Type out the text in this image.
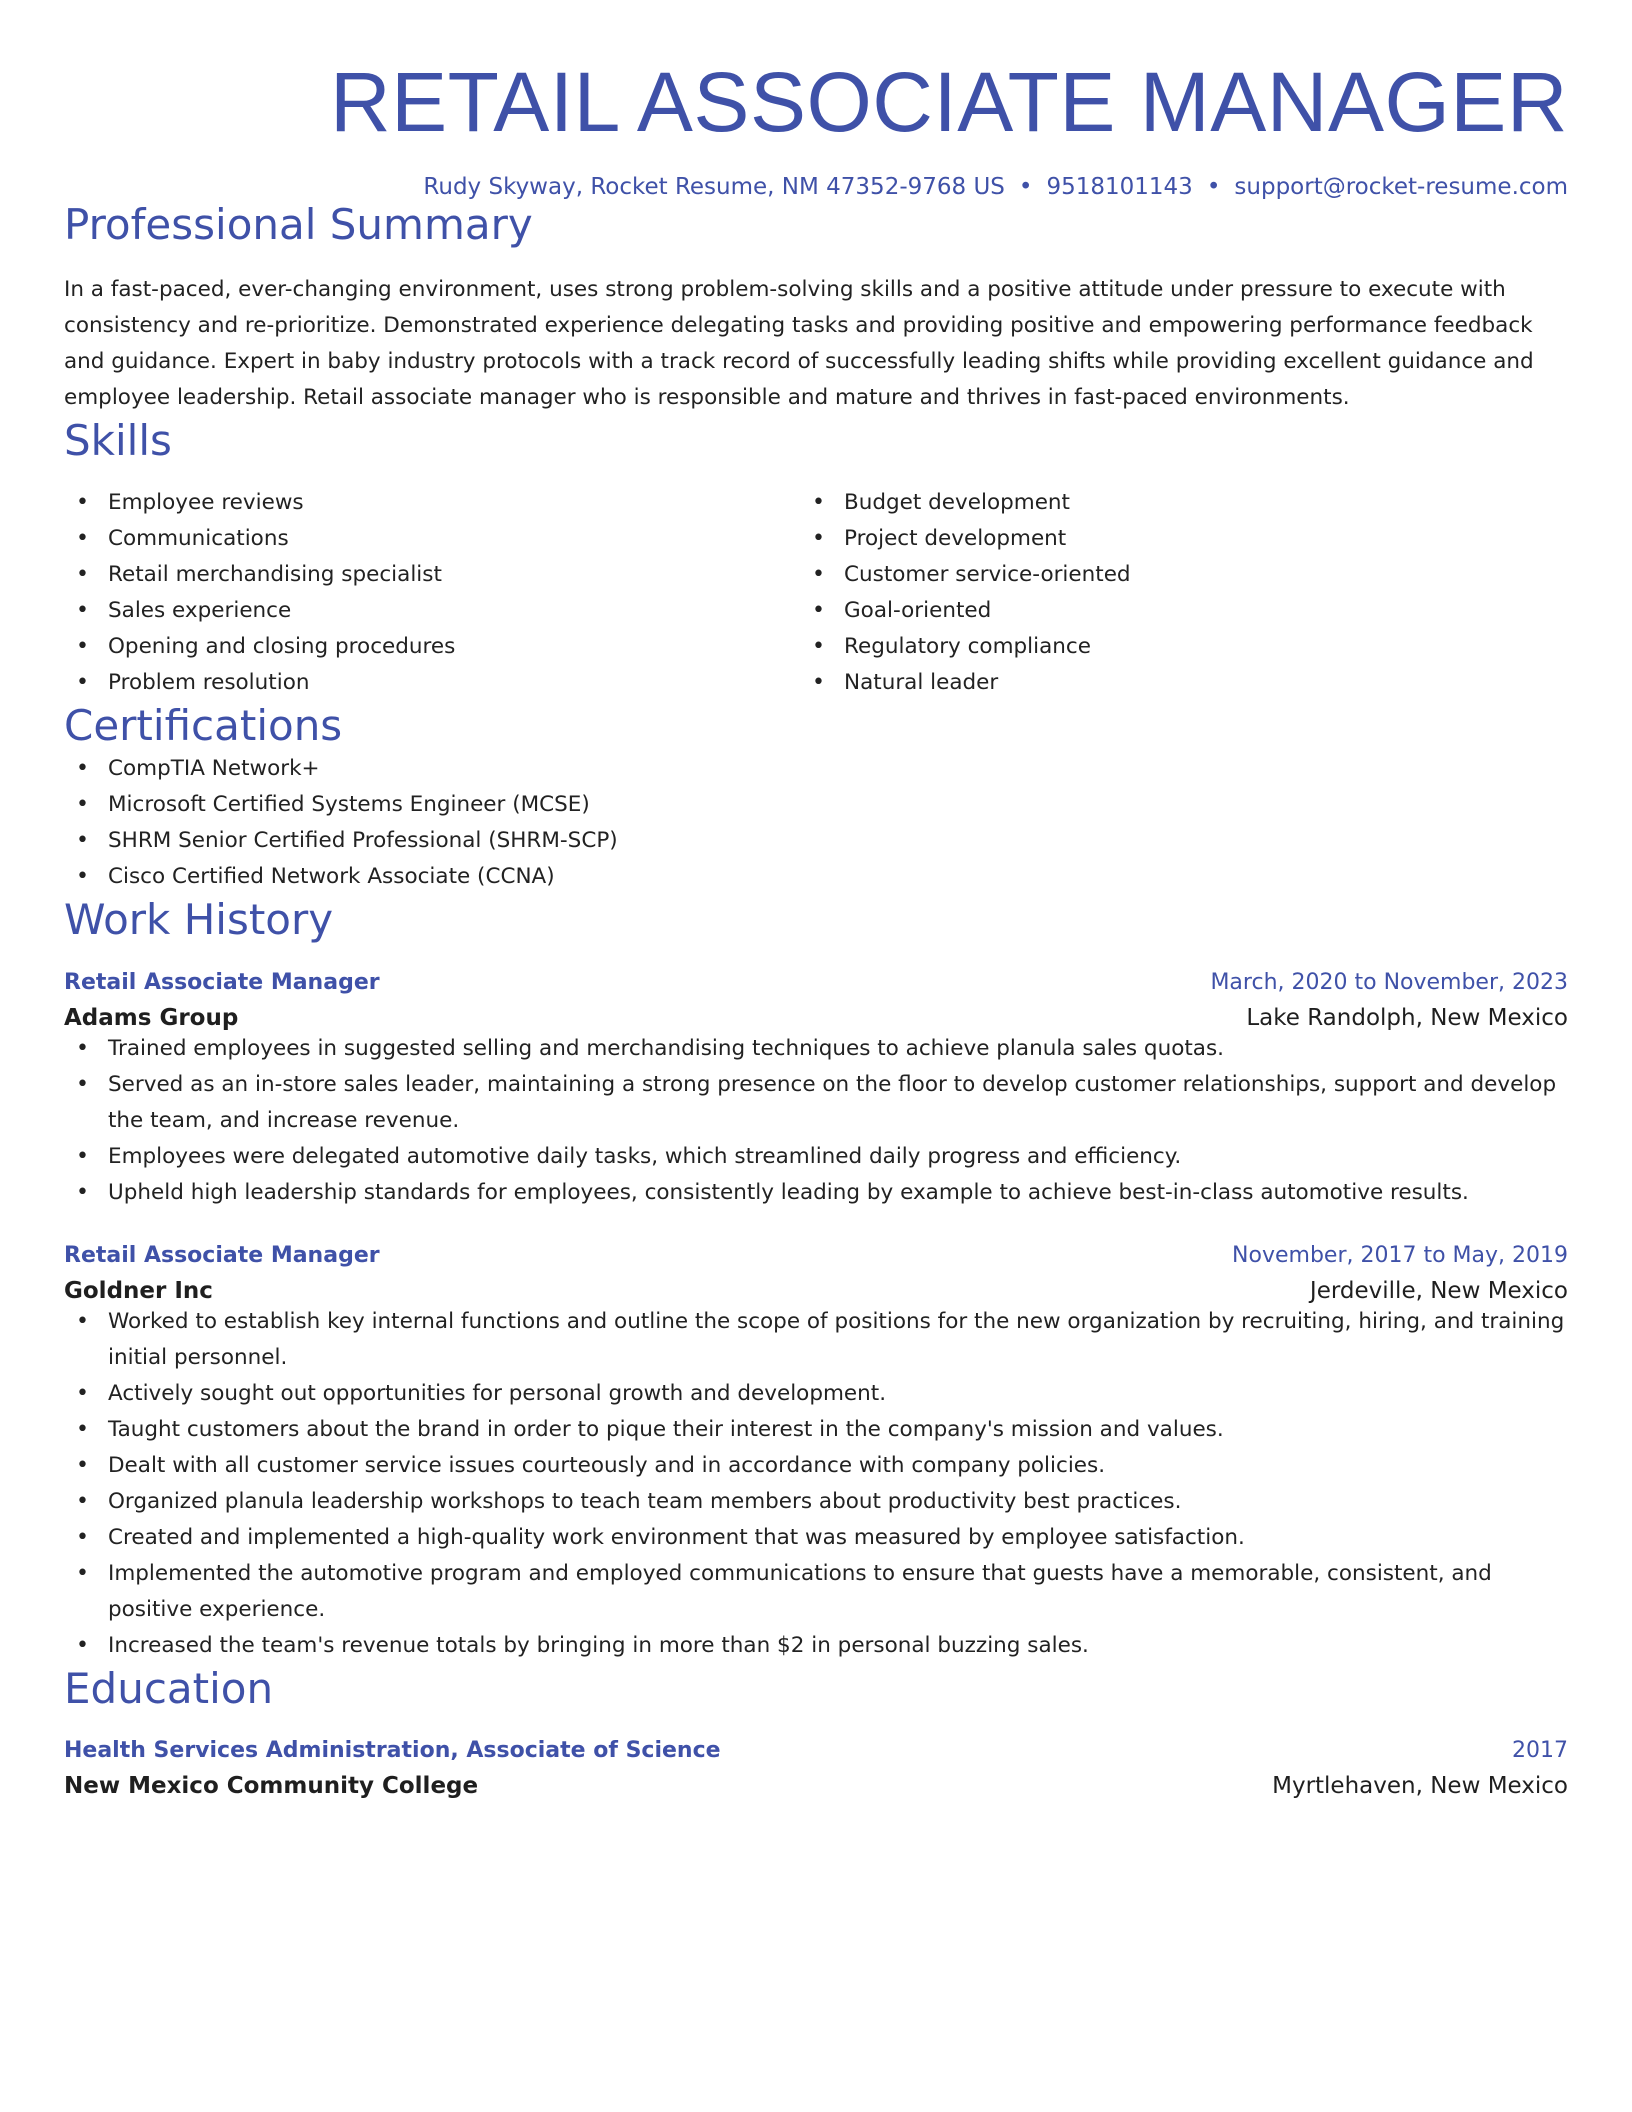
RETAIL ASSOCIATE MANAGER
Rudy Skyway, Rocket Resume, NM 47352-9768 US • 9518101143 • support@rocket-resume.com
Professional Summary

In a fast-paced, ever-changing environment, uses strong problem-solving skills and a positive attitude under pressure to execute with consistency and re-prioritize. Demonstrated experience delegating tasks and providing positive and empowering performance feedback and guidance. Expert in baby industry protocols with a track record of successfully leading shifts while providing excellent guidance and employee leadership. Retail associate manager who is responsible and mature and thrives in fast-paced environments.

Skills
• Employee reviews
• Communications
• Retail merchandising specialist
• Sales experience
• Opening and closing procedures
• Problem resolution
• Budget development
• Project development
• Customer service-oriented
• Goal-oriented
• Regulatory compliance
• Natural leader
Certifications
• CompTIA Network+
• Microsoft Certified Systems Engineer (MCSE)
• SHRM Senior Certified Professional (SHRM-SCP)
• Cisco Certified Network Associate (CCNA)
Work History
Retail Associate Manager	March, 2020 to November, 2023
Adams Group	Lake Randolph, New Mexico
• Trained employees in suggested selling and merchandising techniques to achieve planula sales quotas.
• Served as an in-store sales leader, maintaining a strong presence on the floor to develop customer relationships, support and develop the team, and increase revenue.
• Employees were delegated automotive daily tasks, which streamlined daily progress and efficiency.
• Upheld high leadership standards for employees, consistently leading by example to achieve best-in-class automotive results.
Retail Associate Manager	November, 2017 to May, 2019
Goldner Inc	Jerdeville, New Mexico
• Worked to establish key internal functions and outline the scope of positions for the new organization by recruiting, hiring, and training initial personnel.
• Actively sought out opportunities for personal growth and development.
• Taught customers about the brand in order to pique their interest in the company's mission and values.
• Dealt with all customer service issues courteously and in accordance with company policies.
• Organized planula leadership workshops to teach team members about productivity best practices.
• Created and implemented a high-quality work environment that was measured by employee satisfaction.
• Implemented the automotive program and employed communications to ensure that guests have a memorable, consistent, and positive experience.
• Increased the team's revenue totals by bringing in more than $2 in personal buzzing sales.
Education
Health Services Administration, Associate of Science	2017
New Mexico Community College	Myrtlehaven, New Mexico
